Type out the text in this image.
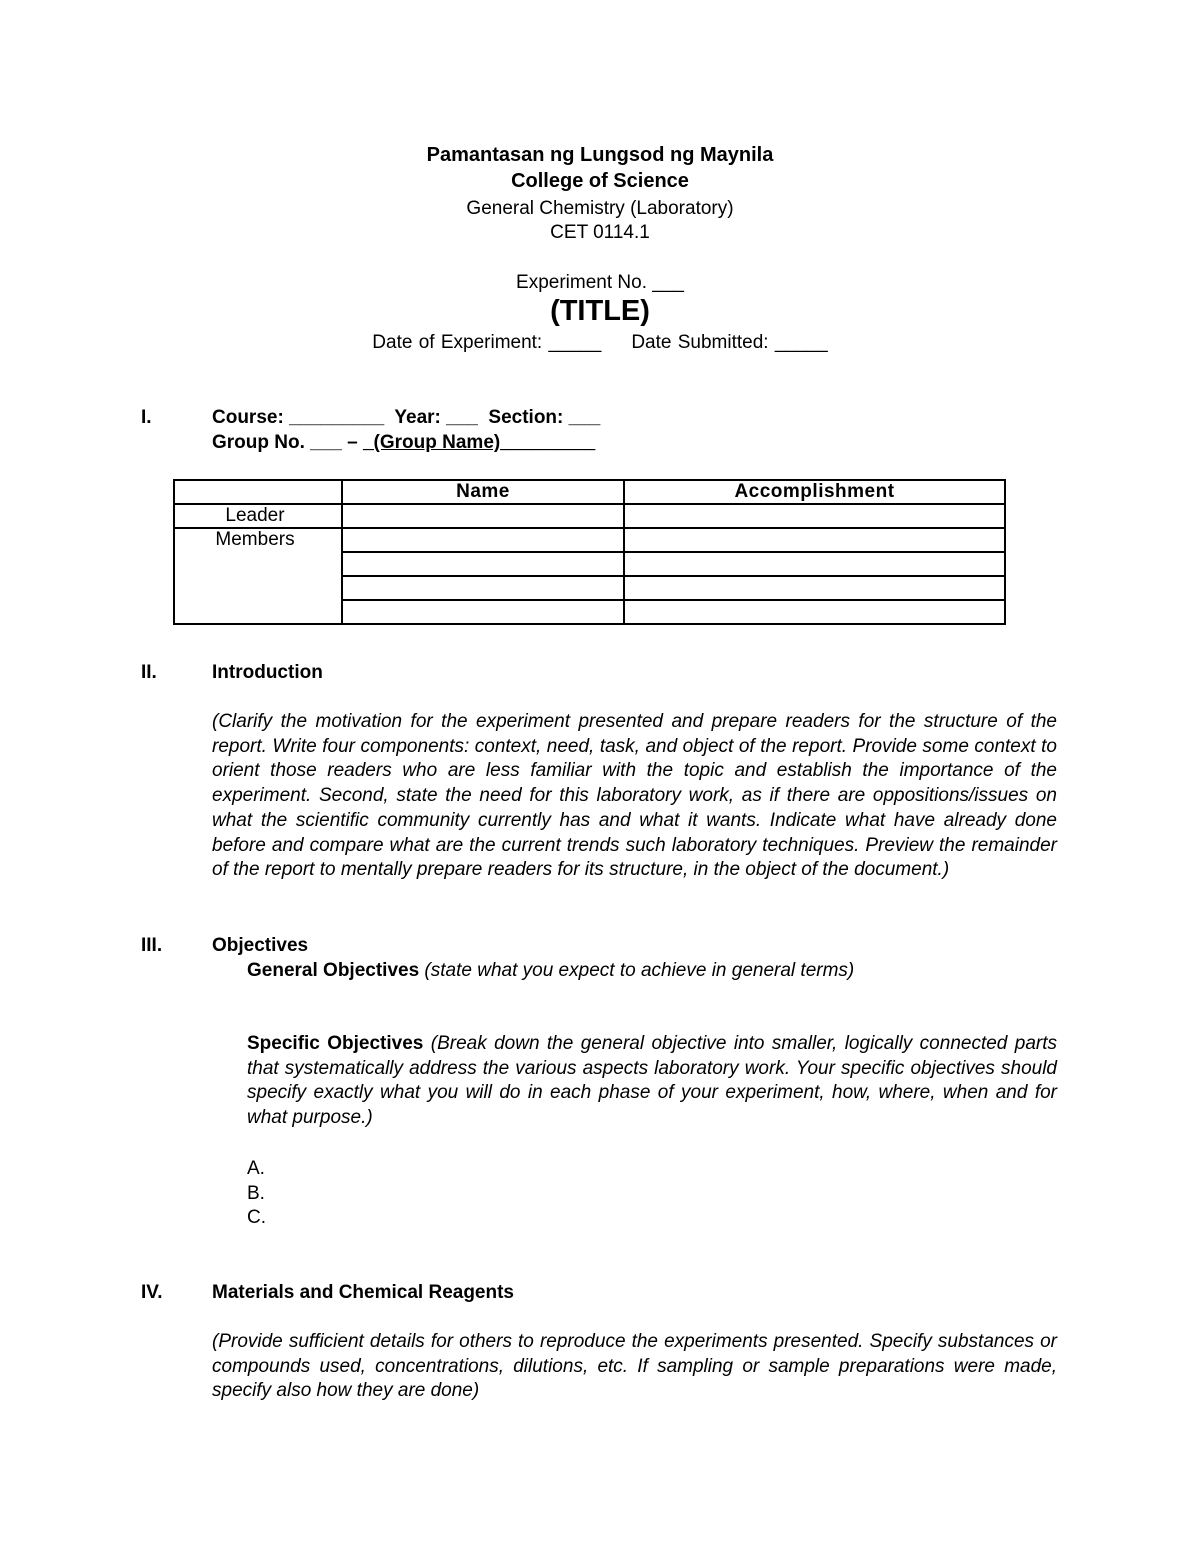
Pamantasan ng Lungsod ng Maynila
College of Science
General Chemistry (Laboratory)
CET 0114.1
Experiment No. ___
(TITLE)
Date of Experiment: _____ Date Submitted: _____
I.	Course: _________  Year: ___  Section: ___
Group No. ___ – _(Group Name)_________
	Name	Accomplishment
Leader		
Members		

II.	Introduction
(Clarify the motivation for the experiment presented and prepare readers for the structure of the report. Write four components: context, need, task, and object of the report. Provide some context to orient those readers who are less familiar with the topic and establish the importance of the experiment. Second, state the need for this laboratory work, as if there are oppositions/issues on what the scientific community currently has and what it wants. Indicate what have already done before and compare what are the current trends such laboratory techniques. Preview the remainder of the report to mentally prepare readers for its structure, in the object of the document.)
III.	Objectives
General Objectives (state what you expect to achieve in general terms)
Specific Objectives (Break down the general objective into smaller, logically connected parts that systematically address the various aspects laboratory work. Your specific objectives should specify exactly what you will do in each phase of your experiment, how, where, when and for what purpose.)
A.
B.
C.
IV.	Materials and Chemical Reagents
(Provide sufficient details for others to reproduce the experiments presented. Specify substances or compounds used, concentrations, dilutions, etc. If sampling or sample preparations were made, specify also how they are done)
